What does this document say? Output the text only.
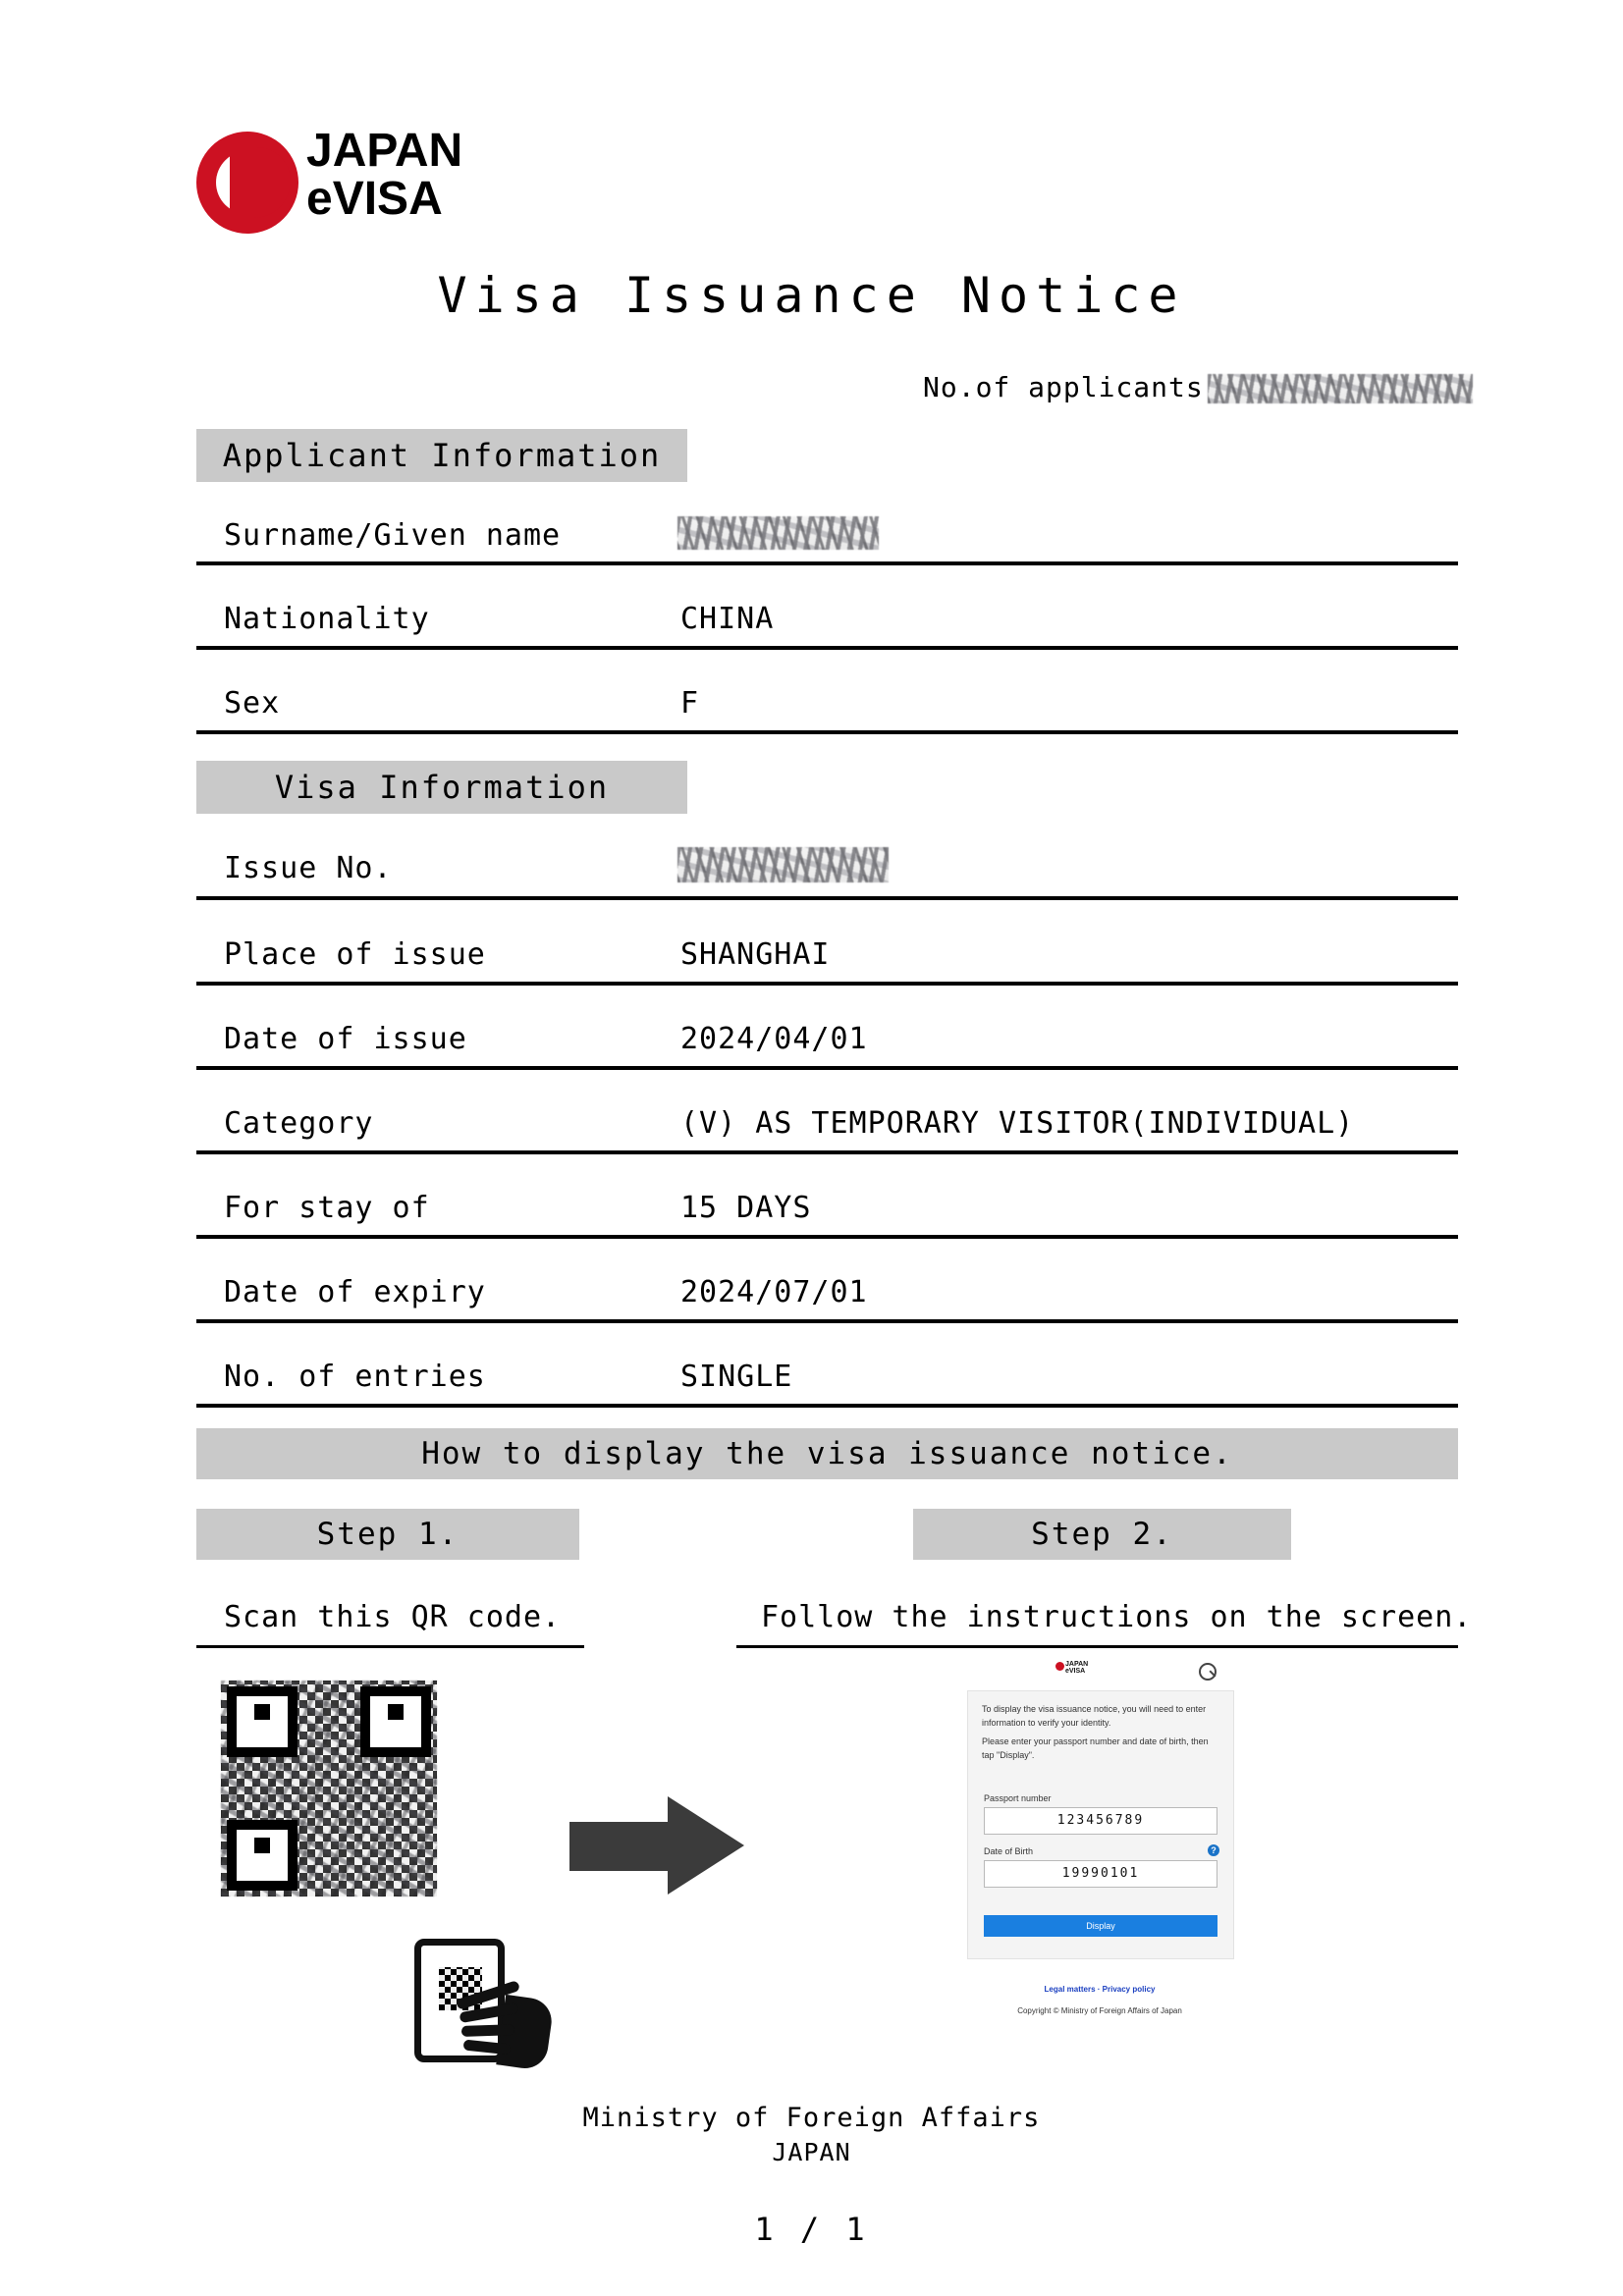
JAPAN
eVISA
Visa Issuance Notice
No.of applicants
Applicant Information
Surname/Given name
Nationality	CHINA
Sex	F
Visa Information
Issue No.
Place of issue	SHANGHAI
Date of issue	2024/04/01
Category	(V) AS TEMPORARY VISITOR(INDIVIDUAL)
For stay of	15 DAYS
Date of expiry	2024/07/01
No. of entries	SINGLE
How to display the visa issuance notice.
Step 1.	Step 2.
Scan this QR code.	Follow the instructions on the screen.
JAPAN
eVISA
To display the visa issuance notice, you will need to enter information to verify your identity.
Please enter your passport number and date of birth, then tap "Display".
Passport number
123456789
Date of Birth	?
19990101
Display
Legal matters · Privacy policy
Copyright © Ministry of Foreign Affairs of Japan
Ministry of Foreign Affairs
JAPAN
1 / 1
